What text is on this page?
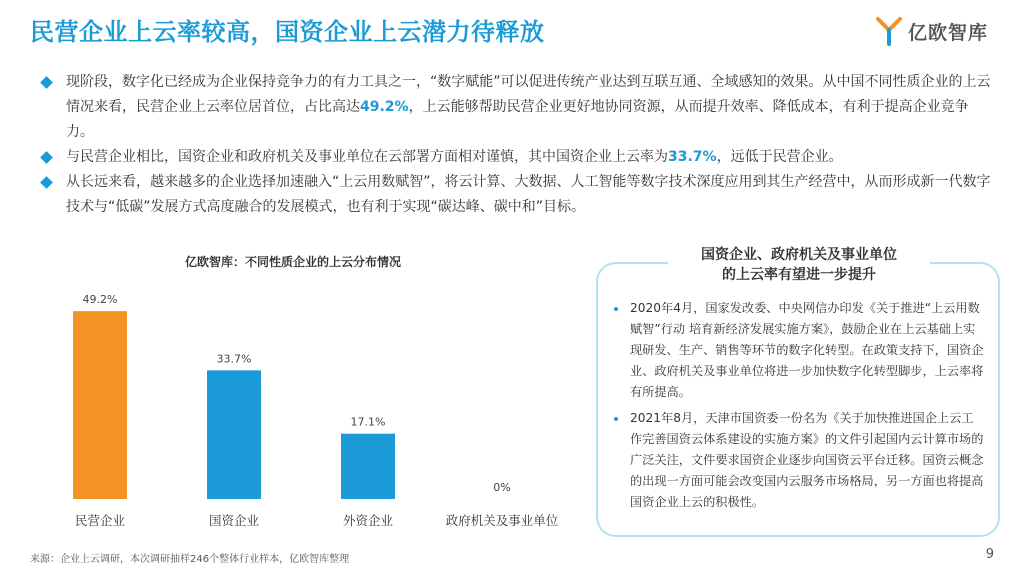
民营企业上云率较高，国资企业上云潜力待释放	亿欧智库
现阶段，数字化已经成为企业保持竞争力的有力工具之一，“数字赋能”可以促进传统产业达到互联互通、全域感知的效果。从中国不同性质企业的上云情况来看，民营企业上云率位居首位，占比高达49.2%，上云能够帮助民营企业更好地协同资源，从而提升效率、降低成本，有利于提高企业竞争力。
与民营企业相比，国资企业和政府机关及事业单位在云部署方面相对谨慎，其中国资企业上云率为33.7%，远低于民营企业。
从长远来看，越来越多的企业选择加速融入“上云用数赋智”，将云计算、大数据、人工智能等数字技术深度应用到其生产经营中，从而形成新一代数字技术与“低碳”发展方式高度融合的发展模式，也有利于实现“碳达峰、碳中和”目标。
亿欧智库：不同性质企业的上云分布情况
49.2%
民营企业
33.7%
国资企业
17.1%
外资企业
0%
政府机关及事业单位
国资企业、政府机关及事业单位
的上云率有望进一步提升
2020年4月，国家发改委、中央网信办印发《关于推进“上云用数赋智”行动 培育新经济发展实施方案》，鼓励企业在上云基础上实现研发、生产、销售等环节的数字化转型。在政策支持下，国资企业、政府机关及事业单位将进一步加快数字化转型脚步，上云率将有所提高。
2021年8月，天津市国资委一份名为《关于加快推进国企上云工作完善国资云体系建设的实施方案》的文件引起国内云计算市场的广泛关注，文件要求国资企业逐步向国资云平台迁移。国资云概念的出现一方面可能会改变国内云服务市场格局，另一方面也将提高国资企业上云的积极性。
来源：企业上云调研，本次调研抽样246个整体行业样本，亿欧智库整理	9
